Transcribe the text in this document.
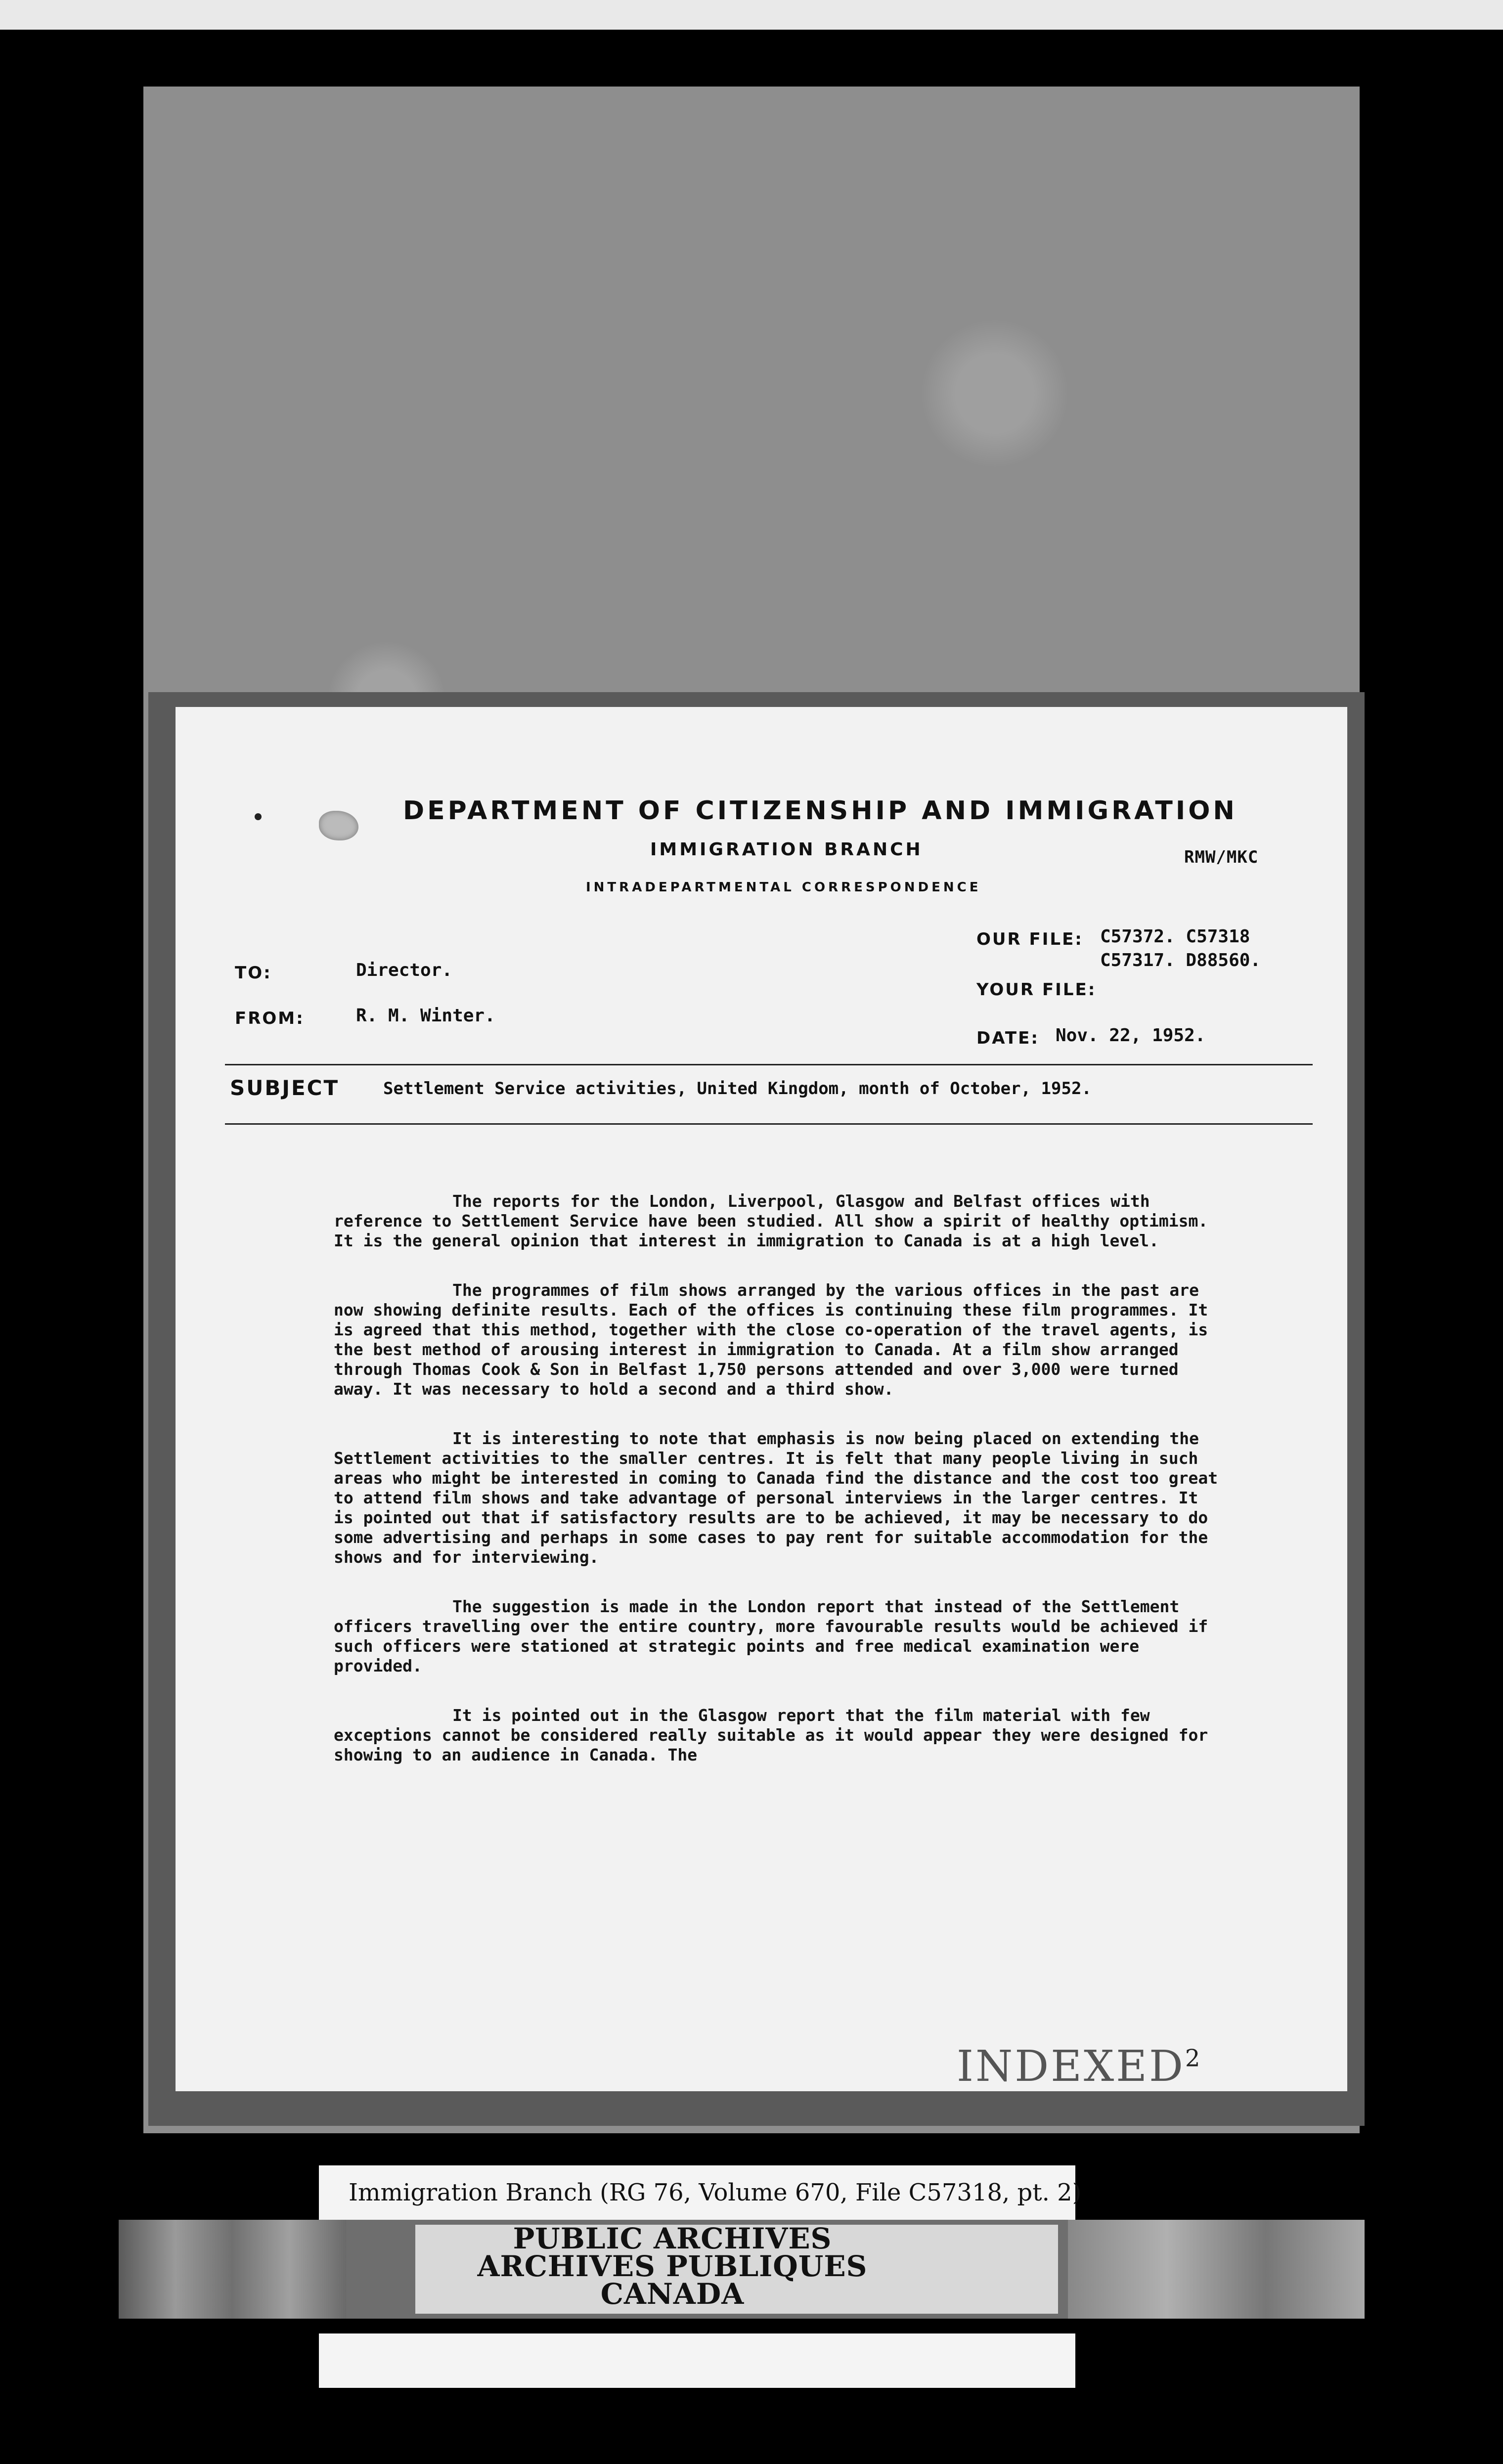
DEPARTMENT OF CITIZENSHIP AND IMMIGRATION
IMMIGRATION BRANCH
INTRADEPARTMENTAL CORRESPONDENCE
RMW/MKC
OUR FILE: C57372. C57318
C57317. D88560.
TO:	Director.
YOUR FILE:
FROM:	R. M. Winter.
DATE: Nov. 22, 1952.
SUBJECT	Settlement Service activities, United Kingdom, month of October, 1952.

The reports for the London, Liverpool, Glasgow and Belfast offices with reference to Settlement Service have been studied. All show a spirit of healthy optimism. It is the general opinion that interest in immigration to Canada is at a high level.

The programmes of film shows arranged by the various offices in the past are now showing definite results. Each of the offices is continuing these film programmes. It is agreed that this method, together with the close co-operation of the travel agents, is the best method of arousing interest in immigration to Canada. At a film show arranged through Thomas Cook & Son in Belfast 1,750 persons attended and over 3,000 were turned away. It was necessary to hold a second and a third show.

It is interesting to note that emphasis is now being placed on extending the Settlement activities to the smaller centres. It is felt that many people living in such areas who might be interested in coming to Canada find the distance and the cost too great to attend film shows and take advantage of personal interviews in the larger centres. It is pointed out that if satisfactory results are to be achieved, it may be necessary to do some advertising and perhaps in some cases to pay rent for suitable accommodation for the shows and for interviewing.

The suggestion is made in the London report that instead of the Settlement officers travelling over the entire country, more favourable results would be achieved if such officers were stationed at strategic points and free medical examination were provided.

It is pointed out in the Glasgow report that the film material with few exceptions cannot be considered really suitable as it would appear they were designed for showing to an audience in Canada. The

INDEXED$^2$
Immigration Branch (RG 76, Volume 670, File C57318, pt. 2)
PUBLIC ARCHIVES
ARCHIVES PUBLIQUES
CANADA
